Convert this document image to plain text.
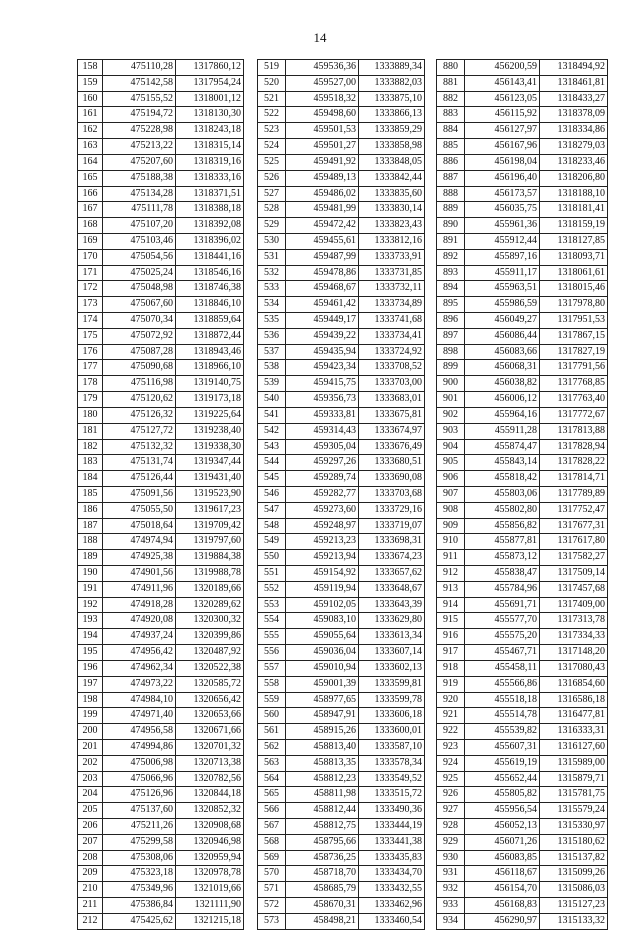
14
158	475110,28	1317860,12
159	475142,58	1317954,24
160	475155,52	1318001,12
161	475194,72	1318130,30
162	475228,98	1318243,18
163	475213,22	1318315,14
164	475207,60	1318319,16
165	475188,38	1318333,16
166	475134,28	1318371,51
167	475111,78	1318388,18
168	475107,20	1318392,08
169	475103,46	1318396,02
170	475054,56	1318441,16
171	475025,24	1318546,16
172	475048,98	1318746,38
173	475067,60	1318846,10
174	475070,34	1318859,64
175	475072,92	1318872,44
176	475087,28	1318943,46
177	475090,68	1318966,10
178	475116,98	1319140,75
179	475120,62	1319173,18
180	475126,32	1319225,64
181	475127,72	1319238,40
182	475132,32	1319338,30
183	475131,74	1319347,44
184	475126,44	1319431,40
185	475091,56	1319523,90
186	475055,50	1319617,23
187	475018,64	1319709,42
188	474974,94	1319797,60
189	474925,38	1319884,38
190	474901,56	1319988,78
191	474911,96	1320189,66
192	474918,28	1320289,62
193	474920,08	1320300,32
194	474937,24	1320399,86
195	474956,42	1320487,92
196	474962,34	1320522,38
197	474973,22	1320585,72
198	474984,10	1320656,42
199	474971,40	1320653,66
200	474956,58	1320671,66
201	474994,86	1320701,32
202	475006,98	1320713,38
203	475066,96	1320782,56
204	475126,96	1320844,18
205	475137,60	1320852,32
206	475211,26	1320908,68
207	475299,58	1320946,98
208	475308,06	1320959,94
209	475323,18	1320978,78
210	475349,96	1321019,66
211	475386,84	1321111,90
212	475425,62	1321215,18
519	459536,36	1333889,34
520	459527,00	1333882,03
521	459518,32	1333875,10
522	459498,60	1333866,13
523	459501,53	1333859,29
524	459501,27	1333858,98
525	459491,92	1333848,05
526	459489,13	1333842,44
527	459486,02	1333835,60
528	459481,99	1333830,14
529	459472,42	1333823,43
530	459455,61	1333812,16
531	459487,99	1333733,91
532	459478,86	1333731,85
533	459468,67	1333732,11
534	459461,42	1333734,89
535	459449,17	1333741,68
536	459439,22	1333734,41
537	459435,94	1333724,92
538	459423,34	1333708,52
539	459415,75	1333703,00
540	459356,73	1333683,01
541	459333,81	1333675,81
542	459314,43	1333674,97
543	459305,04	1333676,49
544	459297,26	1333680,51
545	459289,74	1333690,08
546	459282,77	1333703,68
547	459273,60	1333729,16
548	459248,97	1333719,07
549	459213,23	1333698,31
550	459213,94	1333674,23
551	459154,92	1333657,62
552	459119,94	1333648,67
553	459102,05	1333643,39
554	459083,10	1333629,80
555	459055,64	1333613,34
556	459036,04	1333607,14
557	459010,94	1333602,13
558	459001,39	1333599,81
559	458977,65	1333599,78
560	458947,91	1333606,18
561	458915,26	1333600,01
562	458813,40	1333587,10
563	458813,35	1333578,34
564	458812,23	1333549,52
565	458811,98	1333515,72
566	458812,44	1333490,36
567	458812,75	1333444,19
568	458795,66	1333441,38
569	458736,25	1333435,83
570	458718,70	1333434,70
571	458685,79	1333432,55
572	458670,31	1333462,96
573	458498,21	1333460,54
880	456200,59	1318494,92
881	456143,41	1318461,81
882	456123,05	1318433,27
883	456115,92	1318378,09
884	456127,97	1318334,86
885	456167,96	1318279,03
886	456198,04	1318233,46
887	456196,40	1318206,80
888	456173,57	1318188,10
889	456035,75	1318181,41
890	455961,36	1318159,19
891	455912,44	1318127,85
892	455897,16	1318093,71
893	455911,17	1318061,61
894	455963,51	1318015,46
895	455986,59	1317978,80
896	456049,27	1317951,53
897	456086,44	1317867,15
898	456083,66	1317827,19
899	456068,31	1317791,56
900	456038,82	1317768,85
901	456006,12	1317763,40
902	455964,16	1317772,67
903	455911,28	1317813,88
904	455874,47	1317828,94
905	455843,14	1317828,22
906	455818,42	1317814,71
907	455803,06	1317789,89
908	455802,80	1317752,47
909	455856,82	1317677,31
910	455877,81	1317617,80
911	455873,12	1317582,27
912	455838,47	1317509,14
913	455784,96	1317457,68
914	455691,71	1317409,00
915	455577,70	1317313,78
916	455575,20	1317334,33
917	455467,71	1317148,20
918	455458,11	1317080,43
919	455566,86	1316854,60
920	455518,18	1316586,18
921	455514,78	1316477,81
922	455539,82	1316333,31
923	455607,31	1316127,60
924	455619,19	1315989,00
925	455652,44	1315879,71
926	455805,82	1315781,75
927	455956,54	1315579,24
928	456052,13	1315330,97
929	456071,26	1315180,62
930	456083,85	1315137,82
931	456118,67	1315099,26
932	456154,70	1315086,03
933	456168,83	1315127,23
934	456290,97	1315133,32
